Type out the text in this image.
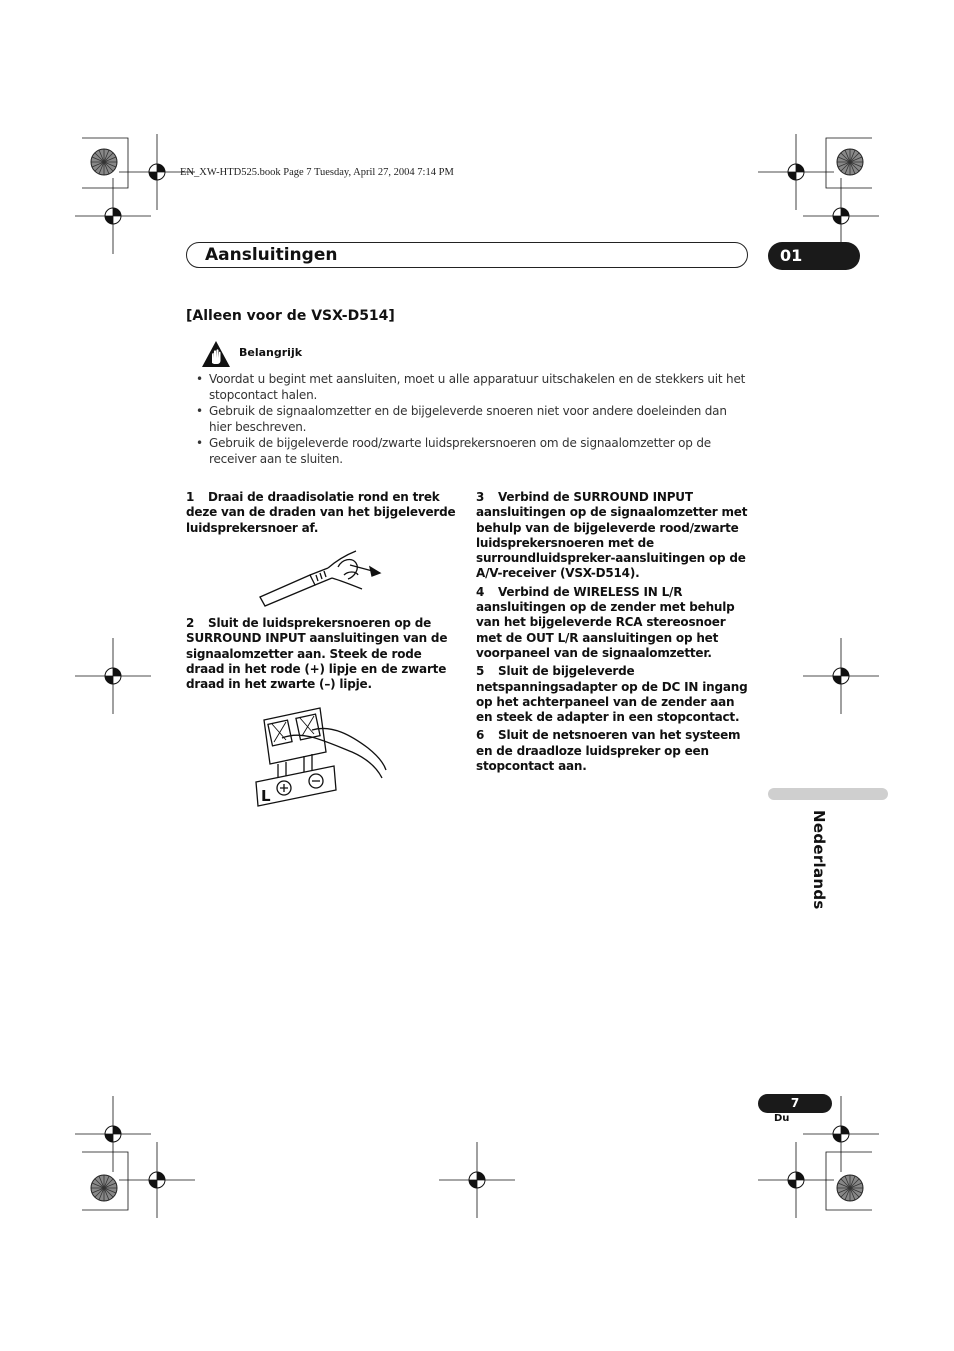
EN_XW-HTD525.book Page 7 Tuesday, April 27, 2004 7:14 PM
Aansluitingen	01
[Alleen voor de VSX-D514]
Belangrijk
• Voordat u begint met aansluiten, moet u alle apparatuur uitschakelen en de stekkers uit het stopcontact halen.
• Gebruik de signaalomzetter en de bijgeleverde snoeren niet voor andere doeleinden dan hier beschreven.
• Gebruik de bijgeleverde rood/zwarte luidsprekersnoeren om de signaalomzetter op de receiver aan te sluiten.

1 Draai de draadisolatie rond en trek deze van de draden van het bijgeleverde luidsprekersnoer af.

2 Sluit de luidsprekersnoeren op de SURROUND INPUT aansluitingen van de signaalomzetter aan. Steek de rode draad in het rode (+) lipje en de zwarte draad in het zwarte (–) lipje.

L

3 Verbind de SURROUND INPUT aansluitingen op de signaalomzetter met behulp van de bijgeleverde rood/zwarte luidsprekersnoeren met de surroundluidspreker-aansluitingen op de A/V-receiver (VSX-D514).

4 Verbind de WIRELESS IN L/R aansluitingen op de zender met behulp van het bijgeleverde RCA stereosnoer met de OUT L/R aansluitingen op het voorpaneel van de signaalomzetter.

5 Sluit de bijgeleverde netspanningsadapter op de DC IN ingang op het achterpaneel van de zender aan en steek de adapter in een stopcontact.

6 Sluit de netsnoeren van het systeem en de draadloze luidspreker op een stopcontact aan.

Nederlands
7
Du
